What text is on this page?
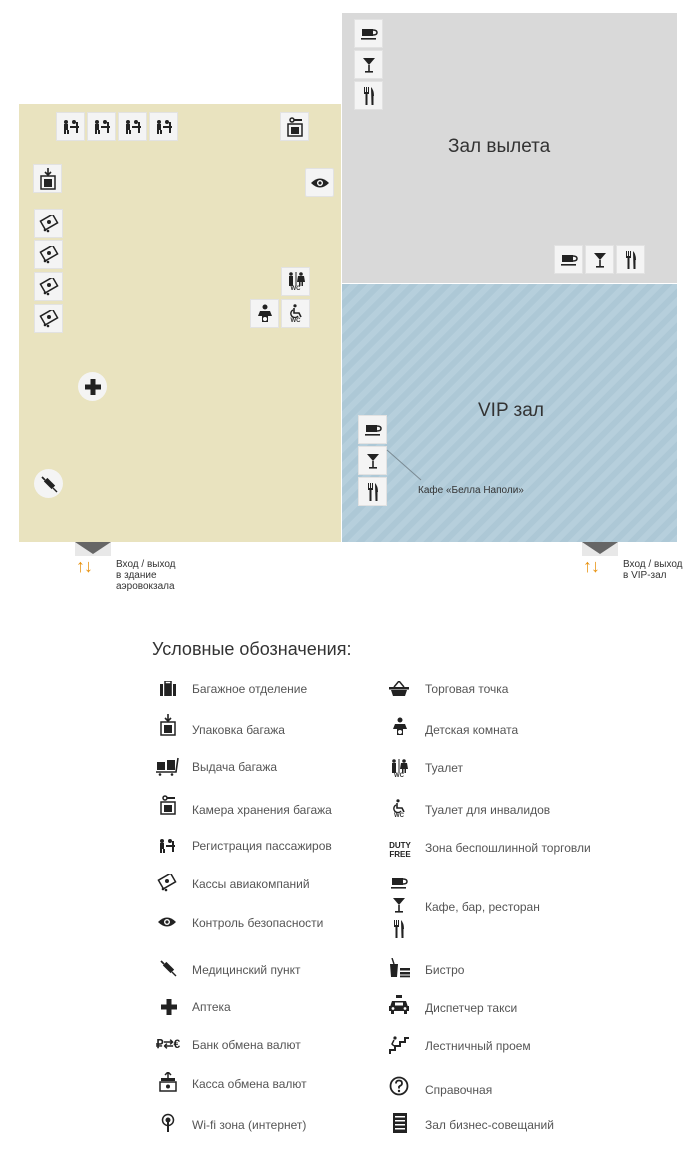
Зал вылета
VIP зал
WC
WC
Кафе «Белла Наполи»
↑↓ Вход / выход
в здание
аэровокзала
↑↓ Вход / выход
в VIP-зал
Условные обозначения:
Багажное отделение
Упаковка багажа
Выдача багажа
Камера хранения багажа
Регистрация пассажиров
Кассы авиакомпаний
Контроль безопасности
Медицинский пункт
Аптека
₽⇄€ Банк обмена валют
Касса обмена валют
Wi-fi зона (интернет)
Торговая точка
Детская комната
WC
Туалет
WC Туалет для инвалидов
DUTY
FREE Зона беспошлинной торговли
Кафе, бар, ресторан
Бистро
Диспетчер такси
Лестничный проем
Справочная
Зал бизнес-совещаний
